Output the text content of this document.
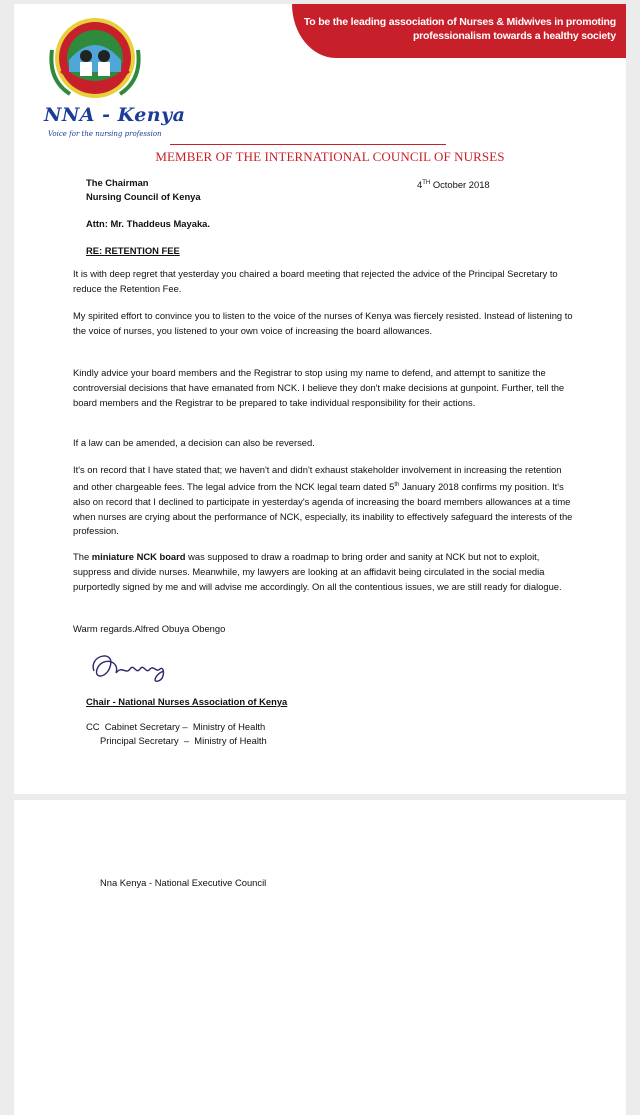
To be the leading association of Nurses & Midwives in promoting
professionalism towards a healthy society
NNA - Kenya
Voice for the nursing profession
MEMBER OF THE INTERNATIONAL COUNCIL OF NURSES
The Chairman
Nursing Council of Kenya
4TH October 2018
Attn: Mr. Thaddeus Mayaka.
RE: RETENTION FEE
It is with deep regret that yesterday you chaired a board meeting that rejected the advice of the Principal Secretary to reduce the Retention Fee.
My spirited effort to convince you to listen to the voice of the nurses of Kenya was fiercely resisted. Instead of listening to the voice of nurses, you listened to your own voice of increasing the board allowances.
Kindly advice your board members and the Registrar to stop using my name to defend, and attempt to sanitize the controversial decisions that have emanated from NCK. I believe they don't make decisions at gunpoint. Further, tell the board members and the Registrar to be prepared to take individual responsibility for their actions.
If a law can be amended, a decision can also be reversed.
It's on record that I have stated that; we haven't and didn't exhaust stakeholder involvement in increasing the retention and other chargeable fees. The legal advice from the NCK legal team dated 5th January 2018 confirms my position. It's also on record that I declined to participate in yesterday's agenda of increasing the board members allowances at a time when nurses are crying about the performance of NCK, especially, its inability to effectively safeguard the interests of the profession.
The miniature NCK board was supposed to draw a roadmap to bring order and sanity at NCK but not to exploit, suppress and divide nurses. Meanwhile, my lawyers are looking at an affidavit being circulated in the social media purportedly signed by me and will advise me accordingly. On all the contentious issues, we are still ready for dialogue.
Warm regards.Alfred Obuya Obengo
Chair - National Nurses Association of Kenya
CC  Cabinet Secretary –  Ministry of Health
Principal Secretary  –  Ministry of Health
Nna Kenya - National Executive Council
